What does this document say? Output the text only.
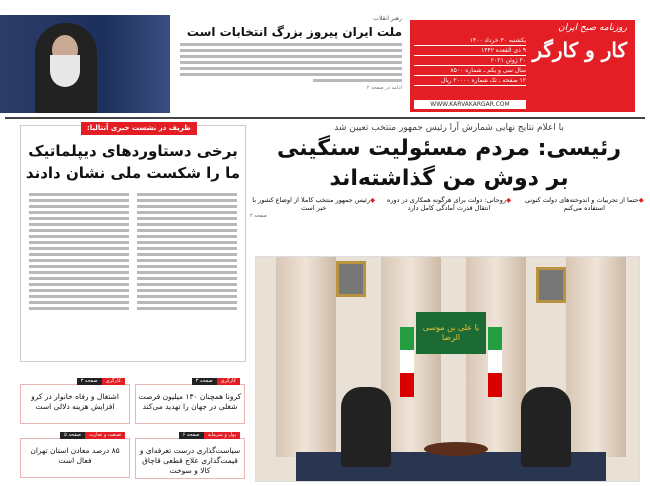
رهبر انقلاب
ملت ایران پیروز بزرگ انتخابات است
ادامه در صفحه ۲
روزنامه صبح ایران
کار و کارگر
یکشنبه ۳۰ خرداد ۱۴۰۰
۹ ذی القعده ۱۴۴۲
۲۰ ژوئن ۲۰۲۱
سال سی و یکم ـ شماره ۸۵۰۰
۱۲ صفحه ـ تک شماره ۲۰۰۰۰ ریال
WWW.KARVAKARGAR.COM
با اعلام نتایج نهایی شمارش آرا رئیس جمهور منتخب تعیین شد
رئیسی: مردم مسئولیت سنگینی
بر دوش من گذاشته‌اند
◆حتما از تجربیات و اندوخته‌های دولت کنونی استفاده می‌کنم
◆روحانی: دولت برای هرگونه همکاری در دوره انتقال قدرت آمادگی کامل دارد
◆رئیس جمهور منتخب کاملا از اوضاع کشور با خبر است
صفحه ۲
یا علی بن موسی الرضا
ظریف در نشست خبری آنتالیا:
برخی دستاوردهای دیپلماتیک ما را شکست ملی نشان دادند
کارگری
صفحه ۳
کرونا همچنان ۱۳۰ میلیون فرصت شغلی در جهان را تهدید می‌کند
کارگری
صفحه ۳
اشتغال و رفاه خانوار در کرو افزایش هزینه دلالی است
پول و سرمایه
صفحه ۶
سیاست‌گذاری درست تعرفه‌ای و قیمت‌گذاری علاج قطعی قاچاق کالا و سوخت
صنعت و تجارت
صفحه ۵
۸۵ درصد معادن استان تهران فعال است
